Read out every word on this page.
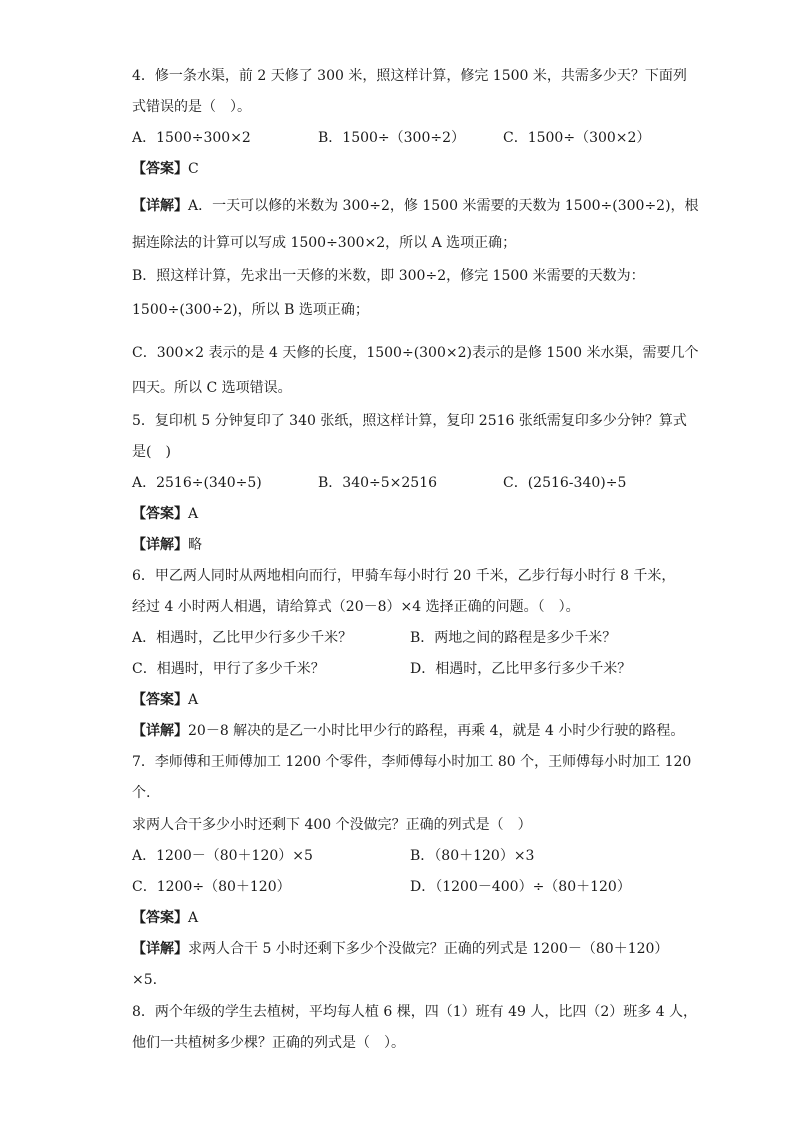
4．修一条水渠，前 2 天修了 300 米，照这样计算，修完 1500 米，共需多少天？下面列
式错误的是（　）。
A．1500÷300×2	B．1500÷（300÷2）	C．1500÷（300×2）
【答案】C
【详解】A．一天可以修的米数为 300÷2，修 1500 米需要的天数为 1500÷(300÷2)，根
据连除法的计算可以写成 1500÷300×2，所以 A 选项正确；
B．照这样计算，先求出一天修的米数，即 300÷2，修完 1500 米需要的天数为：
1500÷(300÷2)，所以 B 选项正确；
C．300×2 表示的是 4 天修的长度，1500÷(300×2)表示的是修 1500 米水渠，需要几个
四天。所以 C 选项错误。
5．复印机 5 分钟复印了 340 张纸，照这样计算，复印 2516 张纸需复印多少分钟？算式
是(　)
A．2516÷(340÷5)	B．340÷5×2516	C．(2516-340)÷5
【答案】A
【详解】略
6．甲乙两人同时从两地相向而行，甲骑车每小时行 20 千米，乙步行每小时行 8 千米，
经过 4 小时两人相遇，请给算式（20－8）×4 选择正确的问题。（　）。
A．相遇时，乙比甲少行多少千米？	B．两地之间的路程是多少千米？
C．相遇时，甲行了多少千米？	D．相遇时，乙比甲多行多少千米？
【答案】A
【详解】20－8 解决的是乙一小时比甲少行的路程，再乘 4，就是 4 小时少行驶的路程。
7．李师傅和王师傅加工 1200 个零件，李师傅每小时加工 80 个，王师傅每小时加工 120
个.
求两人合干多少小时还剩下 400 个没做完？正确的列式是（　）
A．1200－（80＋120）×5	B．（80＋120）×3
C．1200÷（80＋120）	D．（1200－400）÷（80＋120）
【答案】A
【详解】求两人合干 5 小时还剩下多少个没做完？正确的列式是 1200－（80＋120）
×5.
8．两个年级的学生去植树，平均每人植 6 棵，四（1）班有 49 人，比四（2）班多 4 人，
他们一共植树多少棵？正确的列式是（　）。
